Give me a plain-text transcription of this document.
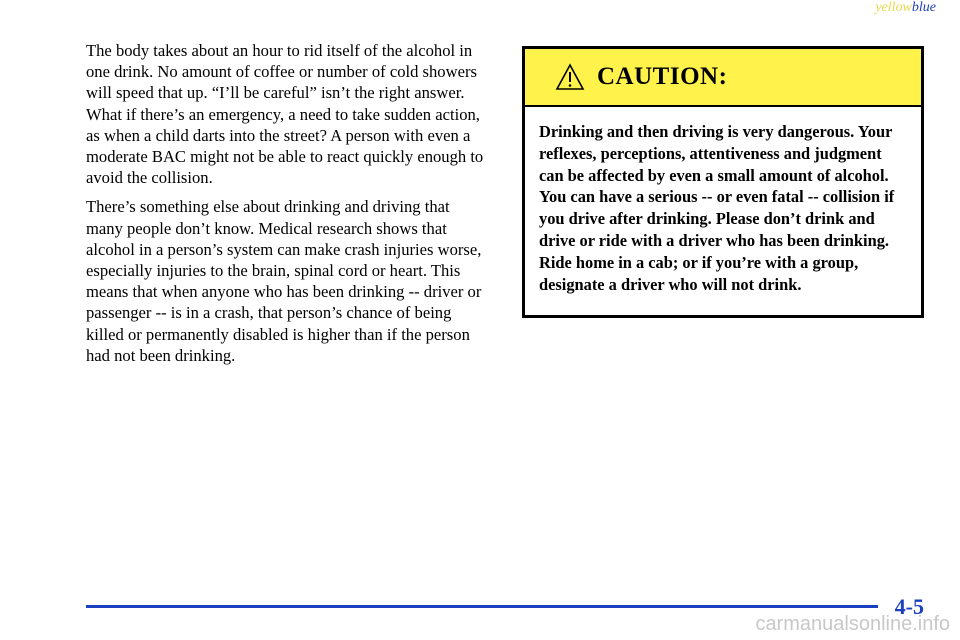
yellowblue

The body takes about an hour to rid itself of the alcohol in one drink. No amount of coffee or number of cold showers will speed that up. “I’ll be careful” isn’t the right answer. What if there’s an emergency, a need to take sudden action, as when a child darts into the street? A person with even a moderate BAC might not be able to react quickly enough to avoid the collision.

There’s something else about drinking and driving that many people don’t know. Medical research shows that alcohol in a person’s system can make crash injuries worse, especially injuries to the brain, spinal cord or heart. This means that when anyone who has been drinking -- driver or passenger -- is in a crash, that person’s chance of being killed or permanently disabled is higher than if the person had not been drinking.

CAUTION:
Drinking and then driving is very dangerous. Your reflexes, perceptions, attentiveness and judgment can be affected by even a small amount of alcohol. You can have a serious -- or even fatal -- collision if you drive after drinking. Please don’t drink and drive or ride with a driver who has been drinking. Ride home in a cab; or if you’re with a group, designate a driver who will not drink.
4-5
carmanualsonline.info
